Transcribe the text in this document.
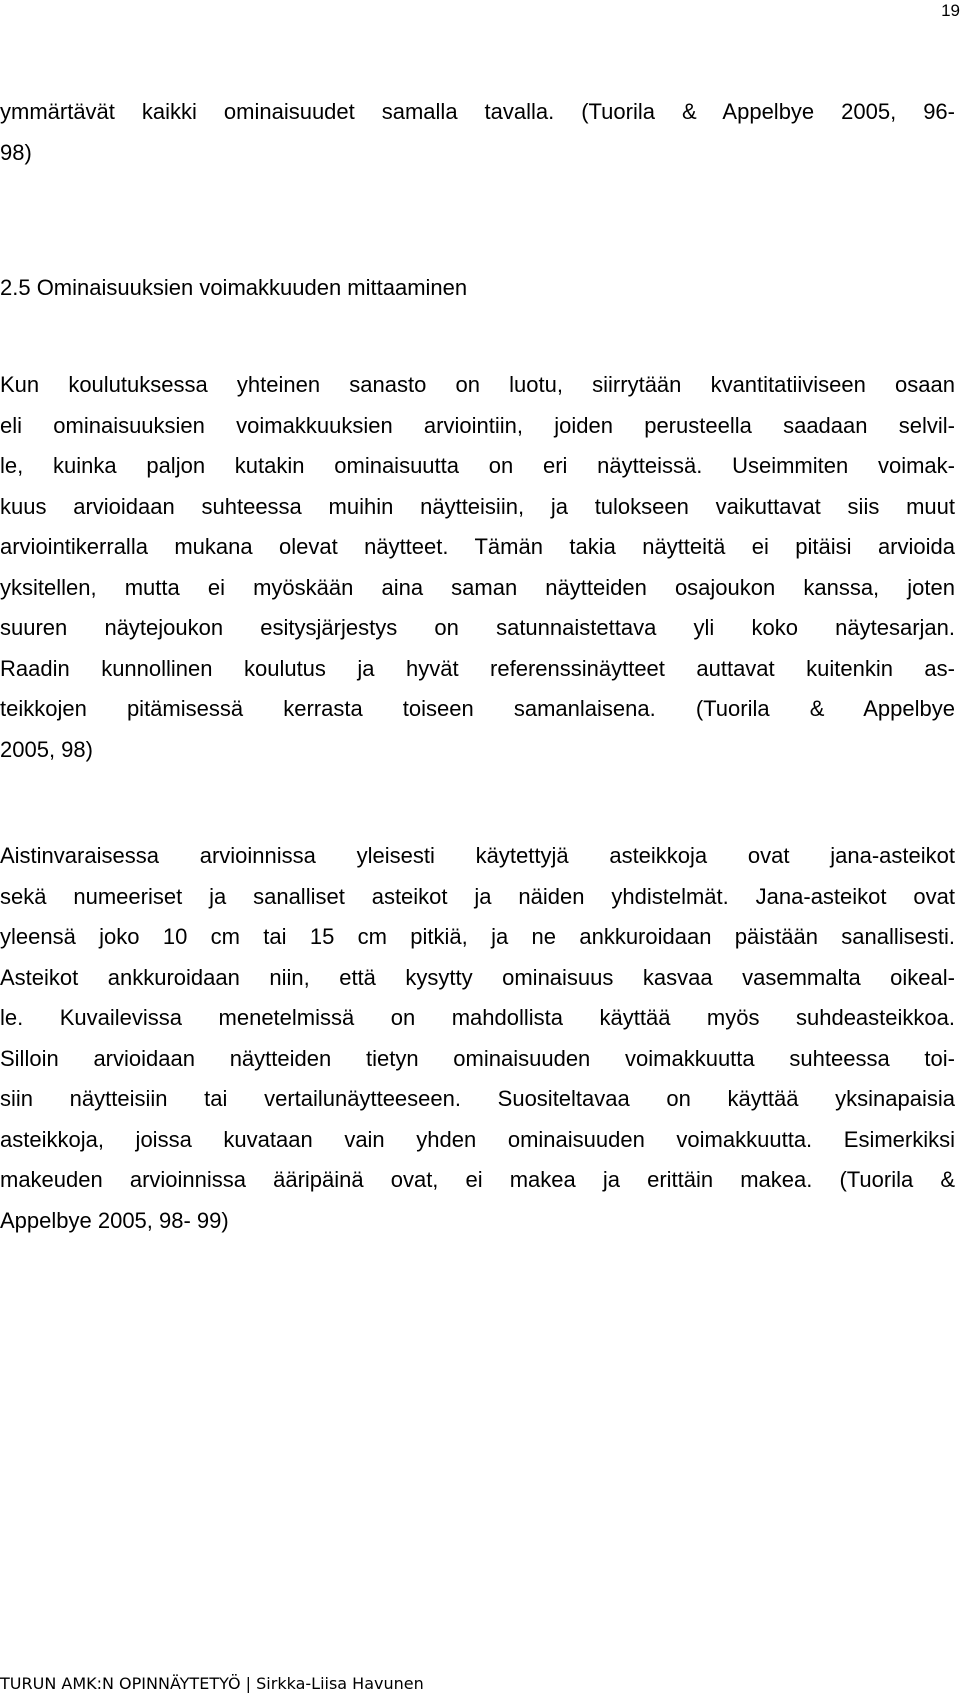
19
ymmärtävät kaikki ominaisuudet samalla tavalla. (Tuorila & Appelbye 2005, 96-
98)
2.5 Ominaisuuksien voimakkuuden mittaaminen
Kun koulutuksessa yhteinen sanasto on luotu, siirrytään kvantitatiiviseen osaan
eli ominaisuuksien voimakkuuksien arviointiin, joiden perusteella saadaan selvil-
le, kuinka paljon kutakin ominaisuutta on eri näytteissä. Useimmiten voimak-
kuus arvioidaan suhteessa muihin näytteisiin, ja tulokseen vaikuttavat siis muut
arviointikerralla mukana olevat näytteet. Tämän takia näytteitä ei pitäisi arvioida
yksitellen, mutta ei myöskään aina saman näytteiden osajoukon kanssa, joten
suuren näytejoukon esitysjärjestys on satunnaistettava yli koko näytesarjan.
Raadin kunnollinen koulutus ja hyvät referenssinäytteet auttavat kuitenkin as-
teikkojen pitämisessä kerrasta toiseen samanlaisena. (Tuorila & Appelbye
2005, 98)
Aistinvaraisessa arvioinnissa yleisesti käytettyjä asteikkoja ovat jana-asteikot
sekä numeeriset ja sanalliset asteikot ja näiden yhdistelmät. Jana-asteikot ovat
yleensä joko 10 cm tai 15 cm pitkiä, ja ne ankkuroidaan päistään sanallisesti.
Asteikot ankkuroidaan niin, että kysytty ominaisuus kasvaa vasemmalta oikeal-
le. Kuvailevissa menetelmissä on mahdollista käyttää myös suhdeasteikkoa.
Silloin arvioidaan näytteiden tietyn ominaisuuden voimakkuutta suhteessa toi-
siin näytteisiin tai vertailunäytteeseen. Suositeltavaa on käyttää yksinapaisia
asteikkoja, joissa kuvataan vain yhden ominaisuuden voimakkuutta. Esimerkiksi
makeuden arvioinnissa ääripäinä ovat, ei makea ja erittäin makea. (Tuorila &
Appelbye 2005, 98- 99)
TURUN AMK:N OPINNÄYTETYÖ | Sirkka-Liisa Havunen
